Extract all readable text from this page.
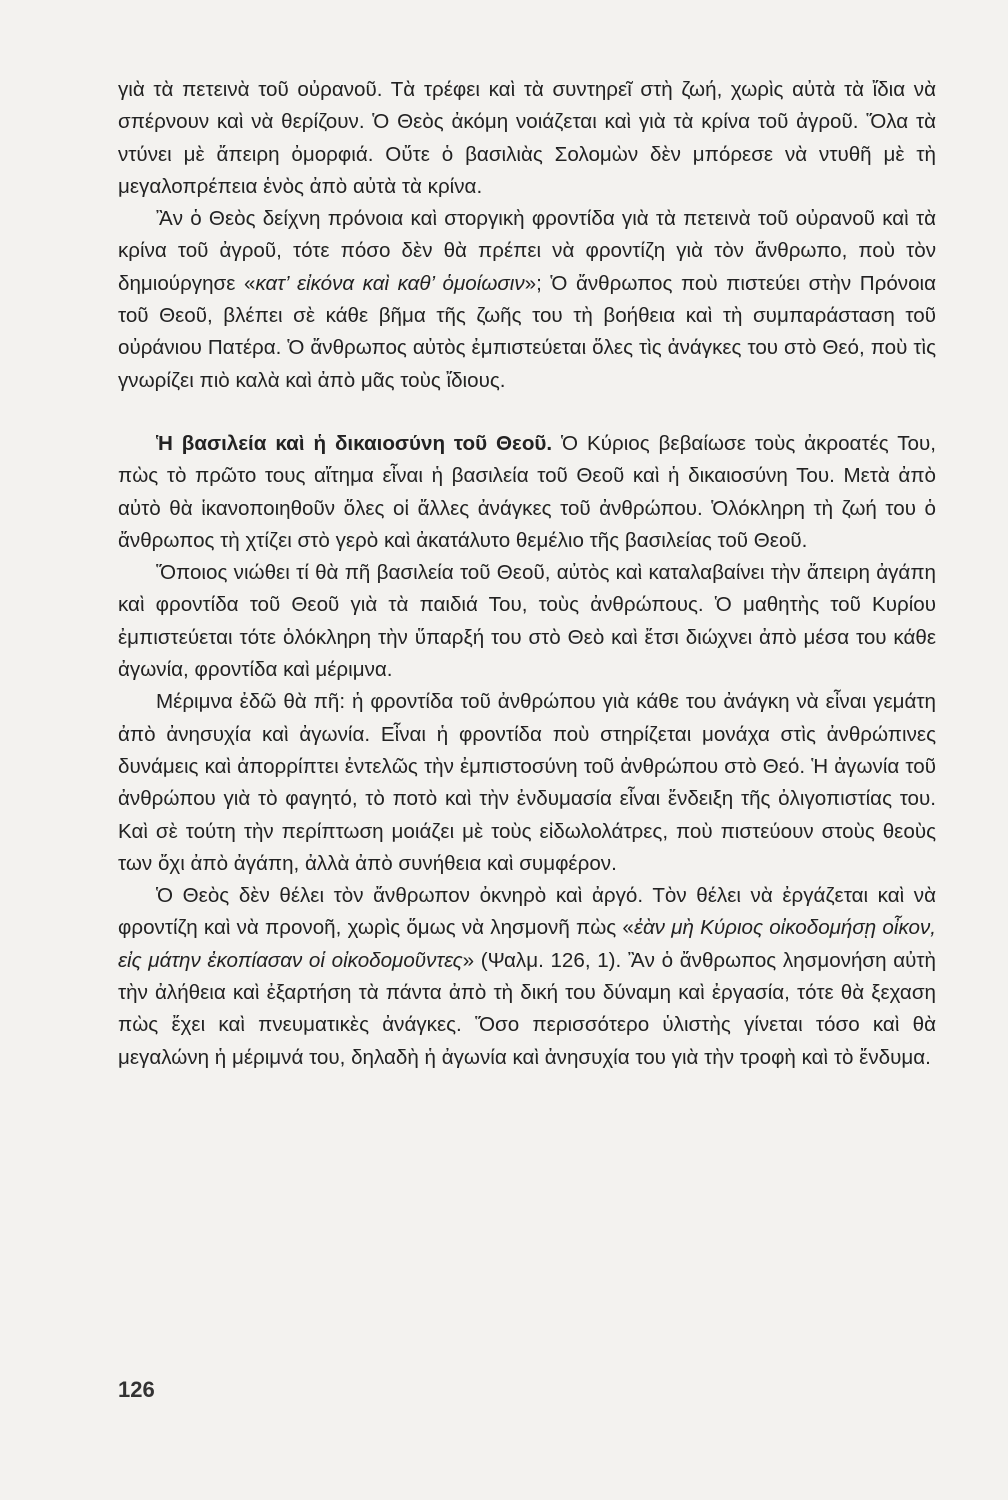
γιὰ τὰ πετεινὰ τοῦ οὐρανοῦ. Τὰ τρέφει καὶ τὰ συντηρεῖ στὴ ζωή, χωρὶς αὐτὰ τὰ ἴδια νὰ σπέρνουν καὶ νὰ θερίζουν. Ὁ Θεὸς ἀκόμη νοιάζεται καὶ γιὰ τὰ κρίνα τοῦ ἀγροῦ. Ὅλα τὰ ντύνει μὲ ἄπειρη ὀμορφιά. Οὔτε ὁ βασιλιὰς Σολομὼν δὲν μπόρεσε νὰ ντυθῆ μὲ τὴ μεγαλοπρέπεια ἑνὸς ἀπὸ αὐτὰ τὰ κρίνα.

Ἂν ὁ Θεὸς δείχνη πρόνοια καὶ στοργικὴ φροντίδα γιὰ τὰ πετεινὰ τοῦ οὐρανοῦ καὶ τὰ κρίνα τοῦ ἀγροῦ, τότε πόσο δὲν θὰ πρέπει νὰ φροντίζη γιὰ τὸν ἄνθρωπο, ποὺ τὸν δημιούργησε «κατ’ εἰκόνα καὶ καθ’ ὁμοίωσιν»; Ὁ ἄνθρωπος ποὺ πιστεύει στὴν Πρόνοια τοῦ Θεοῦ, βλέπει σὲ κάθε βῆμα τῆς ζωῆς του τὴ βοήθεια καὶ τὴ συμπαράσταση τοῦ οὐράνιου Πατέρα. Ὁ ἄνθρωπος αὐτὸς ἐμπιστεύεται ὅλες τὶς ἀνάγκες του στὸ Θεό, ποὺ τὶς γνωρίζει πιὸ καλὰ καὶ ἀπὸ μᾶς τοὺς ἴδιους.

Ἡ βασιλεία καὶ ἡ δικαιοσύνη τοῦ Θεοῦ. Ὁ Κύριος βεβαίωσε τοὺς ἀκροατές Του, πὼς τὸ πρῶτο τους αἴτημα εἶναι ἡ βασιλεία τοῦ Θεοῦ καὶ ἡ δικαιοσύνη Του. Μετὰ ἀπὸ αὐτὸ θὰ ἱκανοποιηθοῦν ὅλες οἱ ἄλλες ἀνάγκες τοῦ ἀνθρώπου. Ὁλόκληρη τὴ ζωή του ὁ ἄνθρωπος τὴ χτίζει στὸ γερὸ καὶ ἀκατάλυτο θεμέλιο τῆς βασιλείας τοῦ Θεοῦ.

Ὅποιος νιώθει τί θὰ πῆ βασιλεία τοῦ Θεοῦ, αὐτὸς καὶ καταλαβαίνει τὴν ἄπειρη ἀγάπη καὶ φροντίδα τοῦ Θεοῦ γιὰ τὰ παιδιά Του, τοὺς ἀνθρώπους. Ὁ μαθητὴς τοῦ Κυρίου ἐμπιστεύεται τότε ὁλόκληρη τὴν ὕπαρξή του στὸ Θεὸ καὶ ἔτσι διώχνει ἀπὸ μέσα του κάθε ἀγωνία, φροντίδα καὶ μέριμνα.

Μέριμνα ἐδῶ θὰ πῆ: ἡ φροντίδα τοῦ ἀνθρώπου γιὰ κάθε του ἀνάγκη νὰ εἶναι γεμάτη ἀπὸ ἀνησυχία καὶ ἀγωνία. Εἶναι ἡ φροντίδα ποὺ στηρίζεται μονάχα στὶς ἀνθρώπινες δυνάμεις καὶ ἀπορρίπτει ἐντελῶς τὴν ἐμπιστοσύνη τοῦ ἀνθρώπου στὸ Θεό. Ἡ ἀγωνία τοῦ ἀνθρώπου γιὰ τὸ φαγητό, τὸ ποτὸ καὶ τὴν ἐνδυμασία εἶναι ἔνδειξη τῆς ὀλιγοπιστίας του. Καὶ σὲ τούτη τὴν περίπτωση μοιάζει μὲ τοὺς εἰδωλολάτρες, ποὺ πιστεύουν στοὺς θεοὺς των ὄχι ἀπὸ ἀγάπη, ἀλλὰ ἀπὸ συνήθεια καὶ συμφέρον.

Ὁ Θεὸς δὲν θέλει τὸν ἄνθρωπον ὀκνηρὸ καὶ ἀργό. Τὸν θέλει νὰ ἐργάζεται καὶ νὰ φροντίζη καὶ νὰ προνοῆ, χωρὶς ὅμως νὰ λησμονῆ πὼς «ἐὰν μὴ Κύριος οἰκοδομήσῃ οἶκον, εἰς μάτην ἐκοπίασαν οἱ οἰκοδομοῦντες» (Ψαλμ. 126, 1). Ἂν ὁ ἄνθρωπος λησμονήση αὐτὴ τὴν ἀλήθεια καὶ ἐξαρτήση τὰ πάντα ἀπὸ τὴ δική του δύναμη καὶ ἐργασία, τότε θὰ ξεχαση πὼς ἔχει καὶ πνευματικὲς ἀνάγκες. Ὅσο περισσότερο ὑλιστὴς γίνεται τόσο καὶ θὰ μεγαλώνη ἡ μέριμνά του, δηλαδὴ ἡ ἀγωνία καὶ ἀνησυχία του γιὰ τὴν τροφὴ καὶ τὸ ἔνδυμα.

126
